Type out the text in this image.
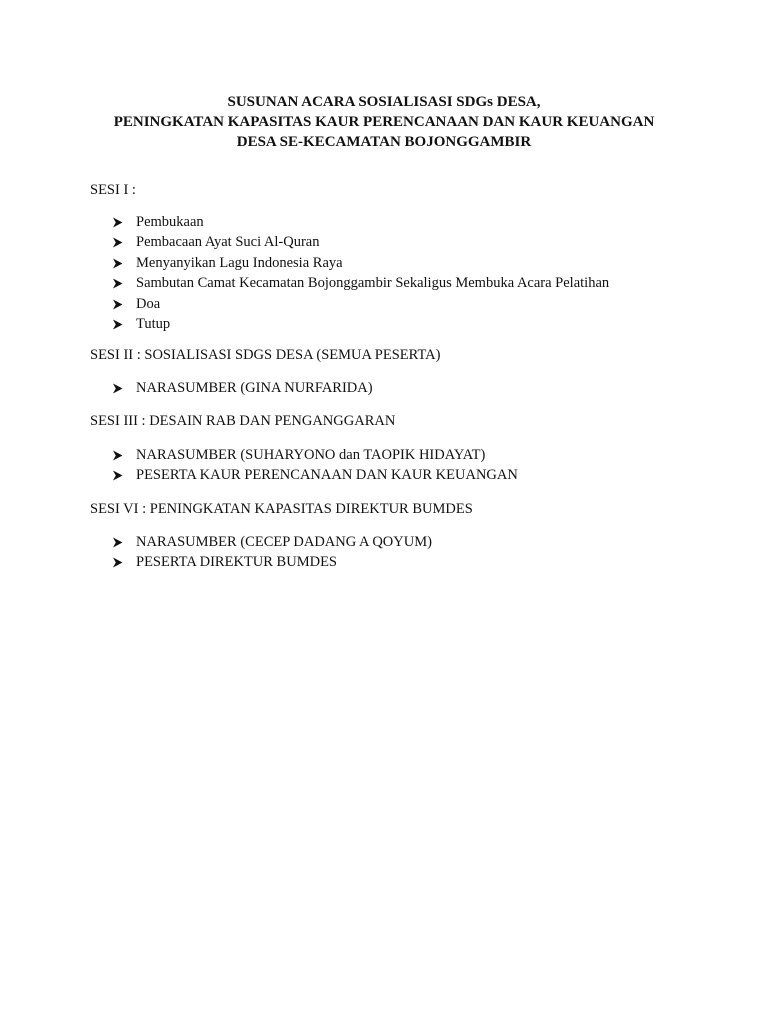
SUSUNAN ACARA SOSIALISASI SDGs DESA,
PENINGKATAN KAPASITAS KAUR PERENCANAAN DAN KAUR KEUANGAN
DESA SE-KECAMATAN BOJONGGAMBIR

SESI I :

Pembukaan
Pembacaan Ayat Suci Al-Quran
Menyanyikan Lagu Indonesia Raya
Sambutan Camat Kecamatan Bojonggambir Sekaligus Membuka Acara Pelatihan
Doa
Tutup

SESI II : SOSIALISASI SDGS DESA (SEMUA PESERTA)

NARASUMBER (GINA NURFARIDA)

SESI III : DESAIN RAB DAN PENGANGGARAN

NARASUMBER (SUHARYONO dan TAOPIK HIDAYAT)
PESERTA KAUR PERENCANAAN DAN KAUR KEUANGAN

SESI VI : PENINGKATAN KAPASITAS DIREKTUR BUMDES

NARASUMBER (CECEP DADANG A QOYUM)
PESERTA DIREKTUR BUMDES
